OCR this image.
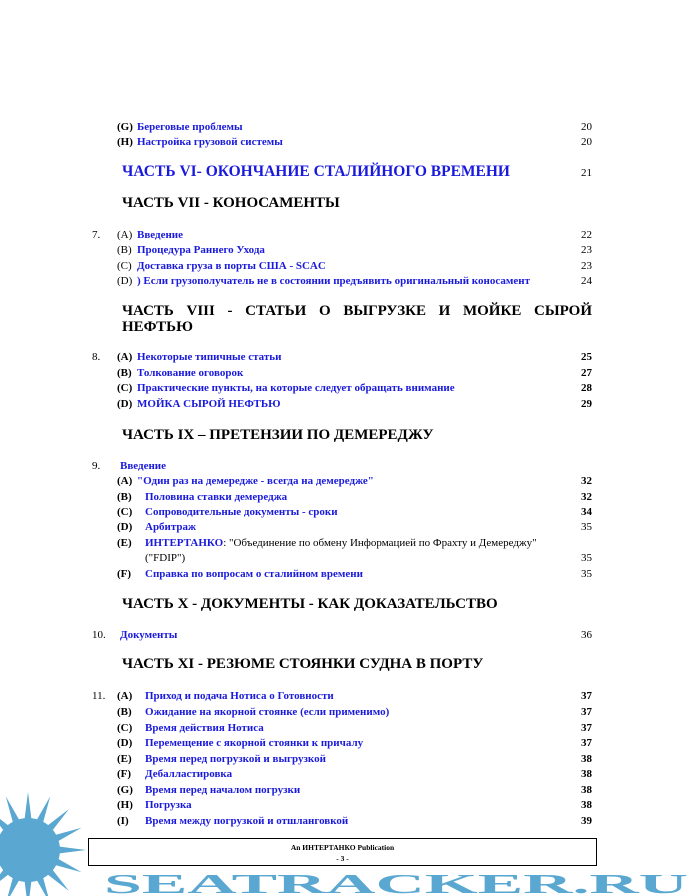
SEATRACKER.RU
(G) Береговые проблемы	20
(H) Настройка грузовой системы	20
ЧАСТЬ VI- ОКОНЧАНИЕ СТАЛИЙНОГО ВРЕМЕНИ	21
ЧАСТЬ VII - КОНОСАМЕНТЫ
7.	(A) Введение	22
(B) Процедура Раннего Ухода	23
(C) Доставка груза в порты США - SCAC	23
(D) ) Если грузополучатель не в состоянии предъявить оригинальный коносамент	24
ЧАСТЬ VIII - СТАТЬИ О ВЫГРУЗКЕ И МОЙКЕ СЫРОЙ НЕФТЬЮ
8.	(A) Некоторые типичные статьи	25
(B) Толкование оговорок	27
(C) Практические пункты, на которые следует обращать внимание	28
(D) МОЙКА СЫРОЙ НЕФТЬЮ	29
ЧАСТЬ IX – ПРЕТЕНЗИИ ПО ДЕМЕРЕДЖУ
9.	Введение
(A) "Один раз на демередже - всегда на демередже"	32
(B)	Половина ставки демереджа	32
(C)	Сопроводительные документы - сроки	34
(D)	Арбитраж	35
(E)	ИНТЕРТАНКО: "Объединение по обмену Информацией по Фрахту и Демереджу"
("FDIP")	35
(F)	Справка по вопросам о сталийном времени	35
ЧАСТЬ X - ДОКУМЕНТЫ - КАК ДОКАЗАТЕЛЬСТВО
10.	Документы	36
ЧАСТЬ XI - РЕЗЮМЕ СТОЯНКИ СУДНА В ПОРТУ
11.	(A)	Приход и подача Нотиса о Готовности	37
(B)	Ожидание на якорной стоянке (если применимо)	37
(C)	Время действия Нотиса	37
(D)	Перемещение с якорной стоянки к причалу	37
(E)	Время перед погрузкой и выгрузкой	38
(F)	Дебалластировка	38
(G)	Время перед началом погрузки	38
(H)	Погрузка	38
(I)	Время между погрузкой и отшланговкой	39
An ИНТЕРТАНКО Publication
- 3 -
